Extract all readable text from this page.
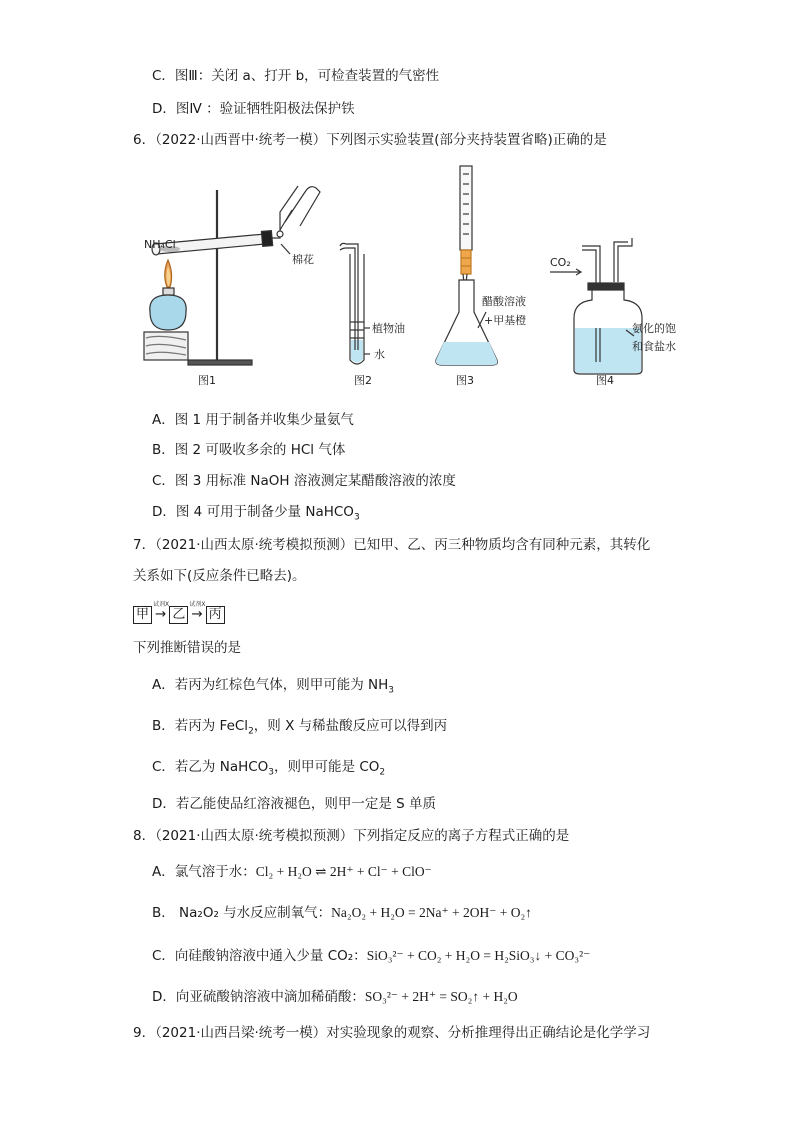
C．图Ⅲ：关闭 a、打开 b，可检查装置的气密性
D．图Ⅳ ：验证牺牲阳极法保护铁
6．（2022·山西晋中·统考一模）下列图示实验装置(部分夹持装置省略)正确的是
NH₄Cl
棉花
图1
植物油
水
图2
醋酸溶液
+甲基橙
图3
CO₂
氨化的饱
和食盐水
图4
A．图 1 用于制备并收集少量氨气
B．图 2 可吸收多余的 HCl 气体
C．图 3 用标准 NaOH 溶液测定某醋酸溶液的浓度
D．图 4 可用于制备少量 NaHCO$_3$
7．（2021·山西太原·统考模拟预测）已知甲、乙、丙三种物质均含有同种元素，其转化
关系如下(反应条件已略去)。
甲
试剂X
→ 乙
试剂X
→ 丙
下列推断错误的是
A．若丙为红棕色气体，则甲可能为 $NH_3$
B．若丙为 FeCl$_2$，则 X 与稀盐酸反应可以得到丙
C．若乙为 NaHCO$_3$，则甲可能是 $CO_2$
D．若乙能使品红溶液褪色，则甲一定是 S 单质
8．（2021·山西太原·统考模拟预测）下列指定反应的离子方程式正确的是
A．氯气溶于水：Cl₂ + H₂O ⇌ 2H⁺ + Cl⁻ + ClO⁻
B． Na₂O₂ 与水反应制氧气：Na₂O₂ + H₂O = 2Na⁺ + 2OH⁻ + O₂↑
C．向硅酸钠溶液中通入少量 CO₂：SiO₃²⁻ + CO₂ + H₂O = H₂SiO₃↓ + CO₃²⁻
D．向亚硫酸钠溶液中滴加稀硝酸：SO₃²⁻ + 2H⁺ = SO₂↑ + H₂O
9．（2021·山西吕梁·统考一模）对实验现象的观察、分析推理得出正确结论是化学学习
